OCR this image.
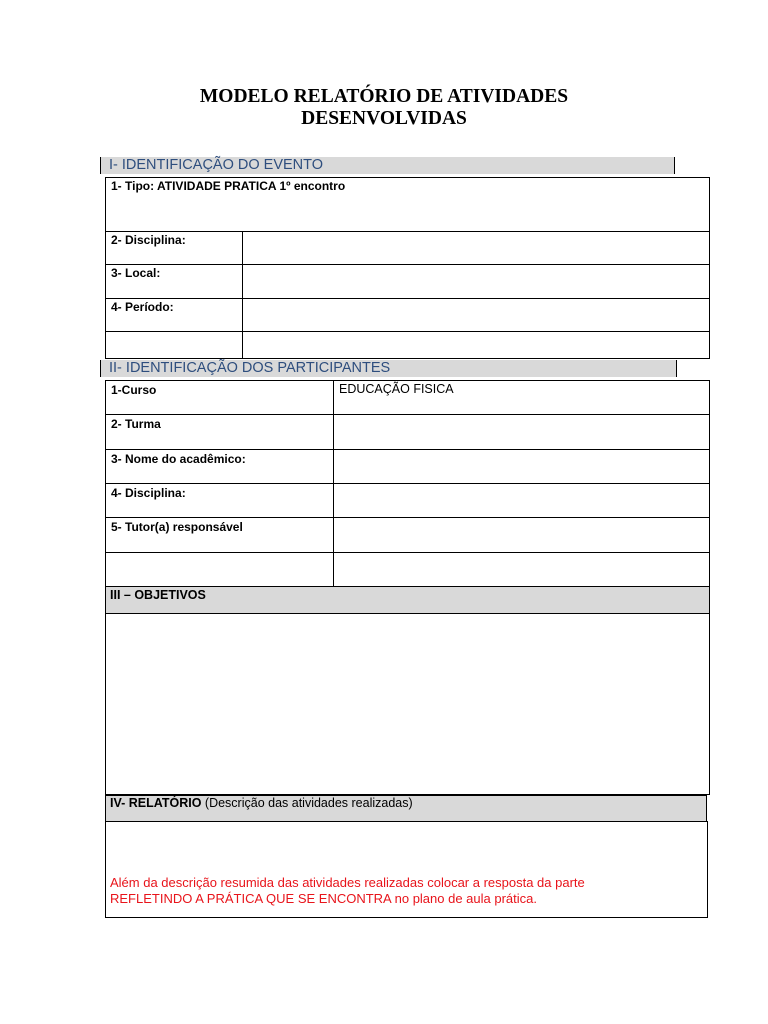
MODELO RELATÓRIO DE ATIVIDADES
DESENVOLVIDAS
I- IDENTIFICAÇÃO DO EVENTO
1- Tipo: ATIVIDADE PRATICA 1º encontro
2- Disciplina:
3- Local:
4- Período:
II- IDENTIFICAÇÃO DOS PARTICIPANTES
1-Curso	EDUCAÇÃO FISICA
2- Turma
3- Nome do acadêmico:
4- Disciplina:
5- Tutor(a) responsável
III – OBJETIVOS
IV- RELATÓRIO (Descrição das atividades realizadas)
Além da descrição resumida das atividades realizadas colocar a resposta da parte
REFLETINDO A PRÁTICA QUE SE ENCONTRA no plano de aula prática.
